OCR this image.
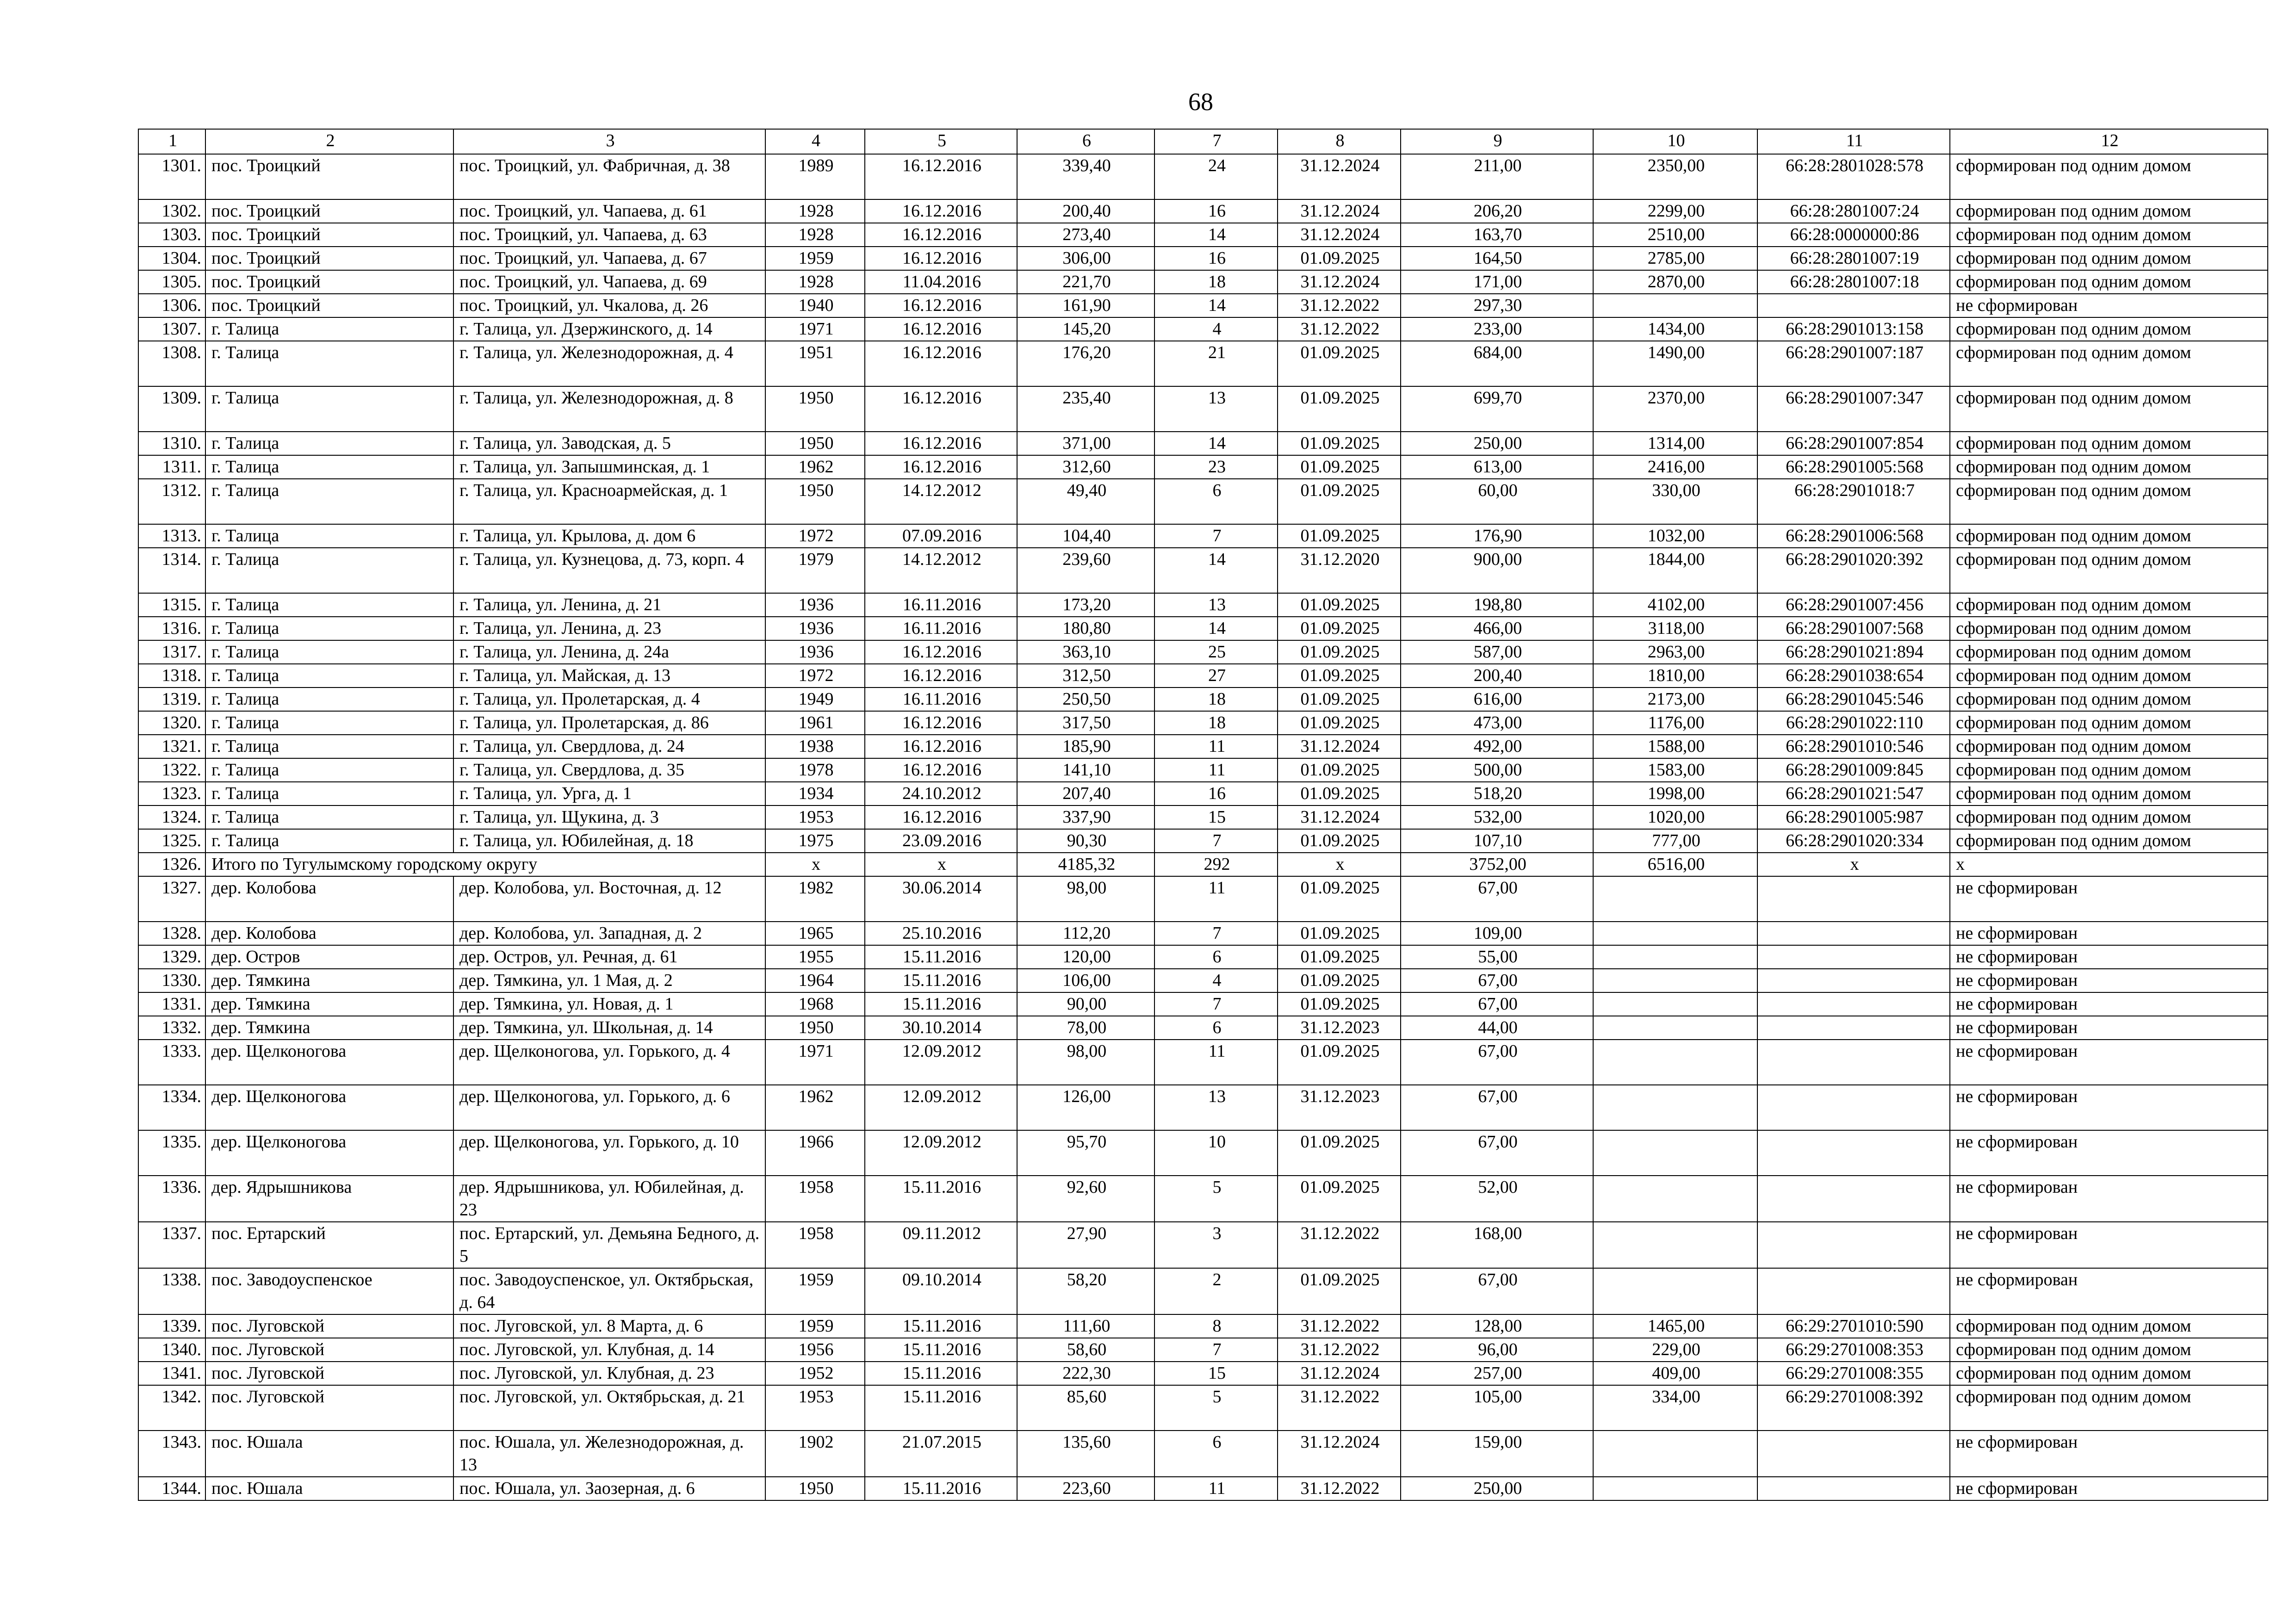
68
1	2	3	4	5	6	7	8	9	10	11	12
1301.	пос. Троицкий	пос. Троицкий, ул. Фабричная, д. 38	1989	16.12.2016	339,40	24	31.12.2024	211,00	2350,00	66:28:2801028:578	сформирован под одним домом
1302.	пос. Троицкий	пос. Троицкий, ул. Чапаева, д. 61	1928	16.12.2016	200,40	16	31.12.2024	206,20	2299,00	66:28:2801007:24	сформирован под одним домом
1303.	пос. Троицкий	пос. Троицкий, ул. Чапаева, д. 63	1928	16.12.2016	273,40	14	31.12.2024	163,70	2510,00	66:28:0000000:86	сформирован под одним домом
1304.	пос. Троицкий	пос. Троицкий, ул. Чапаева, д. 67	1959	16.12.2016	306,00	16	01.09.2025	164,50	2785,00	66:28:2801007:19	сформирован под одним домом
1305.	пос. Троицкий	пос. Троицкий, ул. Чапаева, д. 69	1928	11.04.2016	221,70	18	31.12.2024	171,00	2870,00	66:28:2801007:18	сформирован под одним домом
1306.	пос. Троицкий	пос. Троицкий, ул. Чкалова, д. 26	1940	16.12.2016	161,90	14	31.12.2022	297,30			не сформирован
1307.	г. Талица	г. Талица, ул. Дзержинского, д. 14	1971	16.12.2016	145,20	4	31.12.2022	233,00	1434,00	66:28:2901013:158	сформирован под одним домом
1308.	г. Талица	г. Талица, ул. Железнодорожная, д. 4	1951	16.12.2016	176,20	21	01.09.2025	684,00	1490,00	66:28:2901007:187	сформирован под одним домом
1309.	г. Талица	г. Талица, ул. Железнодорожная, д. 8	1950	16.12.2016	235,40	13	01.09.2025	699,70	2370,00	66:28:2901007:347	сформирован под одним домом
1310.	г. Талица	г. Талица, ул. Заводская, д. 5	1950	16.12.2016	371,00	14	01.09.2025	250,00	1314,00	66:28:2901007:854	сформирован под одним домом
1311.	г. Талица	г. Талица, ул. Запышминская, д. 1	1962	16.12.2016	312,60	23	01.09.2025	613,00	2416,00	66:28:2901005:568	сформирован под одним домом
1312.	г. Талица	г. Талица, ул. Красноармейская, д. 1	1950	14.12.2012	49,40	6	01.09.2025	60,00	330,00	66:28:2901018:7	сформирован под одним домом
1313.	г. Талица	г. Талица, ул. Крылова, д. дом 6	1972	07.09.2016	104,40	7	01.09.2025	176,90	1032,00	66:28:2901006:568	сформирован под одним домом
1314.	г. Талица	г. Талица, ул. Кузнецова, д. 73, корп. 4	1979	14.12.2012	239,60	14	31.12.2020	900,00	1844,00	66:28:2901020:392	сформирован под одним домом
1315.	г. Талица	г. Талица, ул. Ленина, д. 21	1936	16.11.2016	173,20	13	01.09.2025	198,80	4102,00	66:28:2901007:456	сформирован под одним домом
1316.	г. Талица	г. Талица, ул. Ленина, д. 23	1936	16.11.2016	180,80	14	01.09.2025	466,00	3118,00	66:28:2901007:568	сформирован под одним домом
1317.	г. Талица	г. Талица, ул. Ленина, д. 24а	1936	16.12.2016	363,10	25	01.09.2025	587,00	2963,00	66:28:2901021:894	сформирован под одним домом
1318.	г. Талица	г. Талица, ул. Майская, д. 13	1972	16.12.2016	312,50	27	01.09.2025	200,40	1810,00	66:28:2901038:654	сформирован под одним домом
1319.	г. Талица	г. Талица, ул. Пролетарская, д. 4	1949	16.11.2016	250,50	18	01.09.2025	616,00	2173,00	66:28:2901045:546	сформирован под одним домом
1320.	г. Талица	г. Талица, ул. Пролетарская, д. 86	1961	16.12.2016	317,50	18	01.09.2025	473,00	1176,00	66:28:2901022:110	сформирован под одним домом
1321.	г. Талица	г. Талица, ул. Свердлова, д. 24	1938	16.12.2016	185,90	11	31.12.2024	492,00	1588,00	66:28:2901010:546	сформирован под одним домом
1322.	г. Талица	г. Талица, ул. Свердлова, д. 35	1978	16.12.2016	141,10	11	01.09.2025	500,00	1583,00	66:28:2901009:845	сформирован под одним домом
1323.	г. Талица	г. Талица, ул. Урга, д. 1	1934	24.10.2012	207,40	16	01.09.2025	518,20	1998,00	66:28:2901021:547	сформирован под одним домом
1324.	г. Талица	г. Талица, ул. Щукина, д. 3	1953	16.12.2016	337,90	15	31.12.2024	532,00	1020,00	66:28:2901005:987	сформирован под одним домом
1325.	г. Талица	г. Талица, ул. Юбилейная, д. 18	1975	23.09.2016	90,30	7	01.09.2025	107,10	777,00	66:28:2901020:334	сформирован под одним домом
1326.	Итого по Тугулымскому городскому округу		x	x	4185,32	292	x	3752,00	6516,00	x	x
1327.	дер. Колобова	дер. Колобова, ул. Восточная, д. 12	1982	30.06.2014	98,00	11	01.09.2025	67,00			не сформирован
1328.	дер. Колобова	дер. Колобова, ул. Западная, д. 2	1965	25.10.2016	112,20	7	01.09.2025	109,00			не сформирован
1329.	дер. Остров	дер. Остров, ул. Речная, д. 61	1955	15.11.2016	120,00	6	01.09.2025	55,00			не сформирован
1330.	дер. Тямкина	дер. Тямкина, ул. 1 Мая, д. 2	1964	15.11.2016	106,00	4	01.09.2025	67,00			не сформирован
1331.	дер. Тямкина	дер. Тямкина, ул. Новая, д. 1	1968	15.11.2016	90,00	7	01.09.2025	67,00			не сформирован
1332.	дер. Тямкина	дер. Тямкина, ул. Школьная, д. 14	1950	30.10.2014	78,00	6	31.12.2023	44,00			не сформирован
1333.	дер. Щелконогова	дер. Щелконогова, ул. Горького, д. 4	1971	12.09.2012	98,00	11	01.09.2025	67,00			не сформирован
1334.	дер. Щелконогова	дер. Щелконогова, ул. Горького, д. 6	1962	12.09.2012	126,00	13	31.12.2023	67,00			не сформирован
1335.	дер. Щелконогова	дер. Щелконогова, ул. Горького, д. 10	1966	12.09.2012	95,70	10	01.09.2025	67,00			не сформирован
1336.	дер. Ядрышникова	дер. Ядрышникова, ул. Юбилейная, д. 23	1958	15.11.2016	92,60	5	01.09.2025	52,00			не сформирован
1337.	пос. Ертарский	пос. Ертарский, ул. Демьяна Бедного, д. 5	1958	09.11.2012	27,90	3	31.12.2022	168,00			не сформирован
1338.	пос. Заводоуспенское	пос. Заводоуспенское, ул. Октябрьская, д. 64	1959	09.10.2014	58,20	2	01.09.2025	67,00			не сформирован
1339.	пос. Луговской	пос. Луговской, ул. 8 Марта, д. 6	1959	15.11.2016	111,60	8	31.12.2022	128,00	1465,00	66:29:2701010:590	сформирован под одним домом
1340.	пос. Луговской	пос. Луговской, ул. Клубная, д. 14	1956	15.11.2016	58,60	7	31.12.2022	96,00	229,00	66:29:2701008:353	сформирован под одним домом
1341.	пос. Луговской	пос. Луговской, ул. Клубная, д. 23	1952	15.11.2016	222,30	15	31.12.2024	257,00	409,00	66:29:2701008:355	сформирован под одним домом
1342.	пос. Луговской	пос. Луговской, ул. Октябрьская, д. 21	1953	15.11.2016	85,60	5	31.12.2022	105,00	334,00	66:29:2701008:392	сформирован под одним домом
1343.	пос. Юшала	пос. Юшала, ул. Железнодорожная, д. 13	1902	21.07.2015	135,60	6	31.12.2024	159,00			не сформирован
1344.	пос. Юшала	пос. Юшала, ул. Заозерная, д. 6	1950	15.11.2016	223,60	11	31.12.2022	250,00			не сформирован
